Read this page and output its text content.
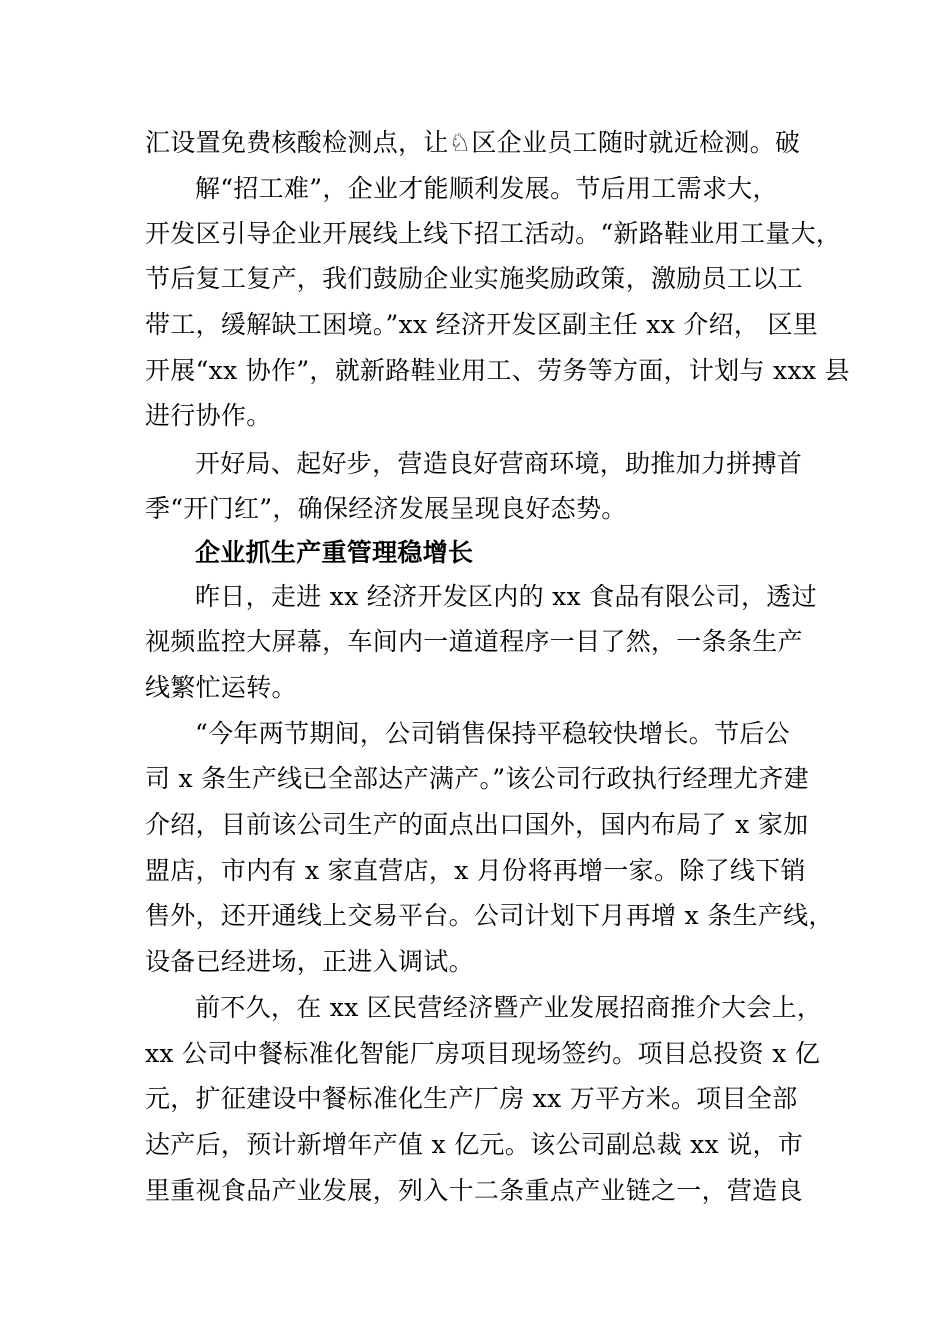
汇设置免费核酸检测点，让♘区企业员工随时就近检测。破
解“招工难”，企业才能顺利发展。节后用工需求大，
开发区引导企业开展线上线下招工活动。“新路鞋业用工量大，
节后复工复产，我们鼓励企业实施奖励政策，激励员工以工
带工，缓解缺工困境。”xx 经济开发区副主任 xx 介绍， 区里
开展“xx 协作”，就新路鞋业用工、劳务等方面，计划与 xxx 县
进行协作。
开好局、起好步，营造良好营商环境，助推加力拼搏首
季“开门红”，确保经济发展呈现良好态势。
企业抓生产重管理稳增长
昨日，走进 xx 经济开发区内的 xx 食品有限公司，透过
视频监控大屏幕，车间内一道道程序一目了然，一条条生产
线繁忙运转。
“今年两节期间，公司销售保持平稳较快增长。节后公
司 x 条生产线已全部达产满产。”该公司行政执行经理尤齐建
介绍，目前该公司生产的面点出口国外，国内布局了 x 家加
盟店，市内有 x 家直营店，x 月份将再增一家。除了线下销
售外，还开通线上交易平台。公司计划下月再增 x 条生产线，
设备已经进场，正进入调试。
前不久，在 xx 区民营经济暨产业发展招商推介大会上，
xx 公司中餐标准化智能厂房项目现场签约。项目总投资 x 亿
元，扩征建设中餐标准化生产厂房 xx 万平方米。项目全部
达产后，预计新增年产值 x 亿元。该公司副总裁 xx 说，市
里重视食品产业发展，列入十二条重点产业链之一，营造良
